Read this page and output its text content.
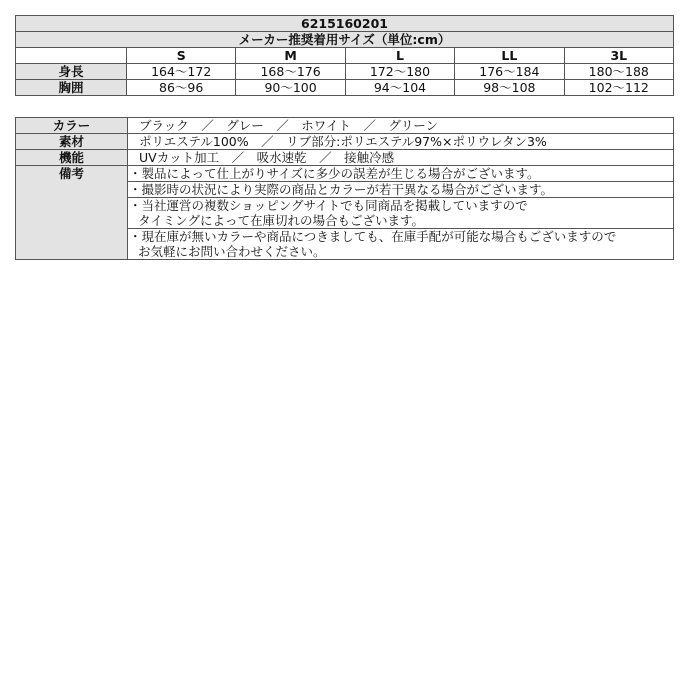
6215160201					
メーカー推奨着用サイズ（単位:cm）					
	S	M	L	LL	3L
身長	164～172	168～176	172～180	176～184	180～188
胸囲	86～96	90～100	94～104	98～108	102～112
カラー	ブラック　／　グレー　／　ホワイト　／　グリーン
素材	ポリエステル100%　／　リブ部分:ポリエステル97%×ポリウレタン3%
機能	UVカット加工　／　吸水速乾　／　接触冷感
備考	・製品によって仕上がりサイズに多少の誤差が生じる場合がございます。
	・撮影時の状況により実際の商品とカラーが若干異なる場合がございます。

	・当社運営の複数ショッピングサイトでも同商品を掲載していますので
タイミングによって在庫切れの場合もございます。

	・現在庫が無いカラーや商品につきましても、在庫手配が可能な場合もございますので
お気軽にお問い合わせください。
